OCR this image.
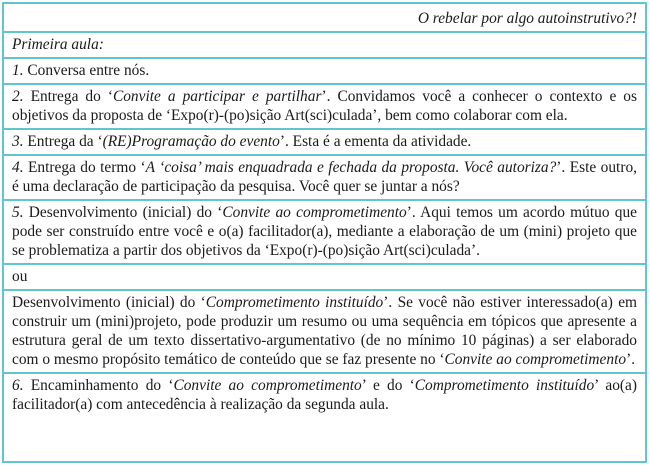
O rebelar por algo autoinstrutivo?!
Primeira aula:
1. Conversa entre nós.
2. Entrega do ‘Convite a participar e partilhar’. Convidamos você a conhecer o contexto e os objetivos da proposta de ‘Expo(r)-(po)sição Art(sci)culada’, bem como colaborar com ela.
3. Entrega da ‘(RE)Programação do evento’. Esta é a ementa da atividade.
4. Entrega do termo ‘A ‘coisa’ mais enquadrada e fechada da proposta. Você autoriza?’. Este outro, é uma declaração de participação da pesquisa. Você quer se juntar a nós?
5. Desenvolvimento (inicial) do ‘Convite ao comprometimento’. Aqui temos um acordo mútuo que pode ser construído entre você e o(a) facilitador(a), mediante a elaboração de um (mini) projeto que se problematiza a partir dos objetivos da ‘Expo(r)-(po)sição Art(sci)culada’.
ou
Desenvolvimento (inicial) do ‘Comprometimento instituído’. Se você não estiver interessado(a) em construir um (mini)projeto, pode produzir um resumo ou uma sequência em tópicos que apresente a estrutura geral de um texto dissertativo-argumentativo (de no mínimo 10 páginas) a ser elaborado com o mesmo propósito temático de conteúdo que se faz presente no ‘Convite ao comprometimento’.
6. Encaminhamento do ‘Convite ao comprometimento’ e do ‘Comprometimento instituído’ ao(a) facilitador(a) com antecedência à realização da segunda aula.
